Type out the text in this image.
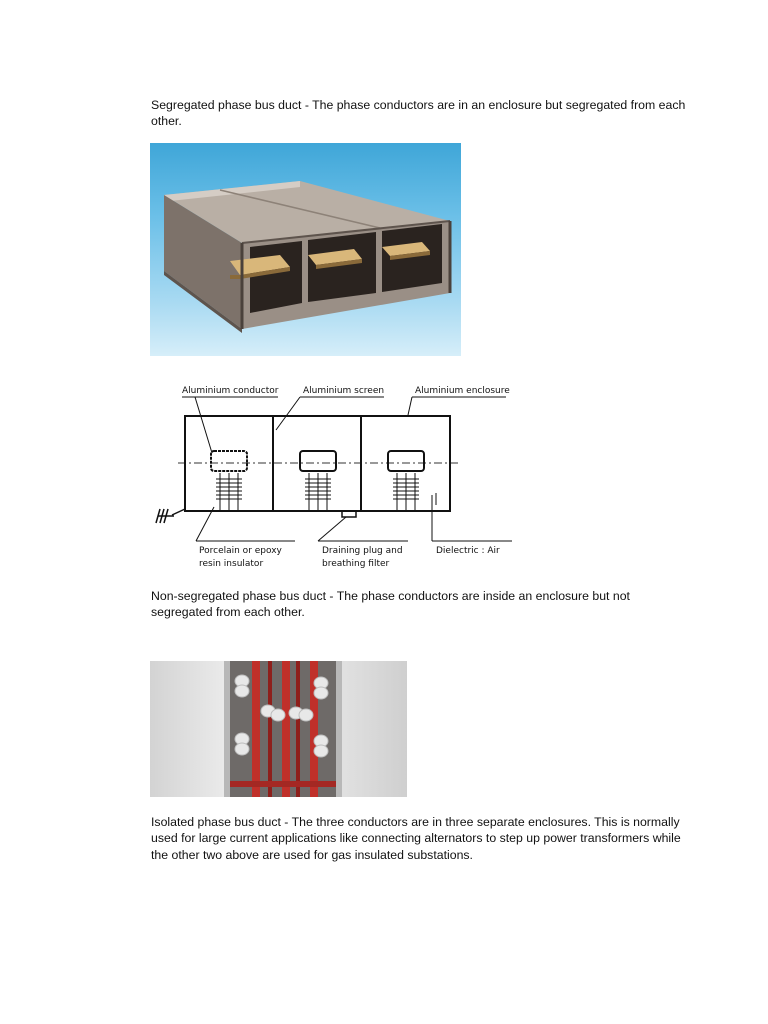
Segregated phase bus duct - The phase conductors are in an enclosure but segregated from each other.

Aluminium conductor	Aluminium screen	Aluminium enclosure
Porcelain or epoxy
resin insulator
Draining plug and
breathing filter
Dielectric : Air

Non-segregated phase bus duct - The phase conductors are inside an enclosure but not segregated from each other.

Isolated phase bus duct - The three conductors are in three separate enclosures. This is normally used for large current applications like connecting alternators to step up power transformers while the other two above are used for gas insulated substations.
